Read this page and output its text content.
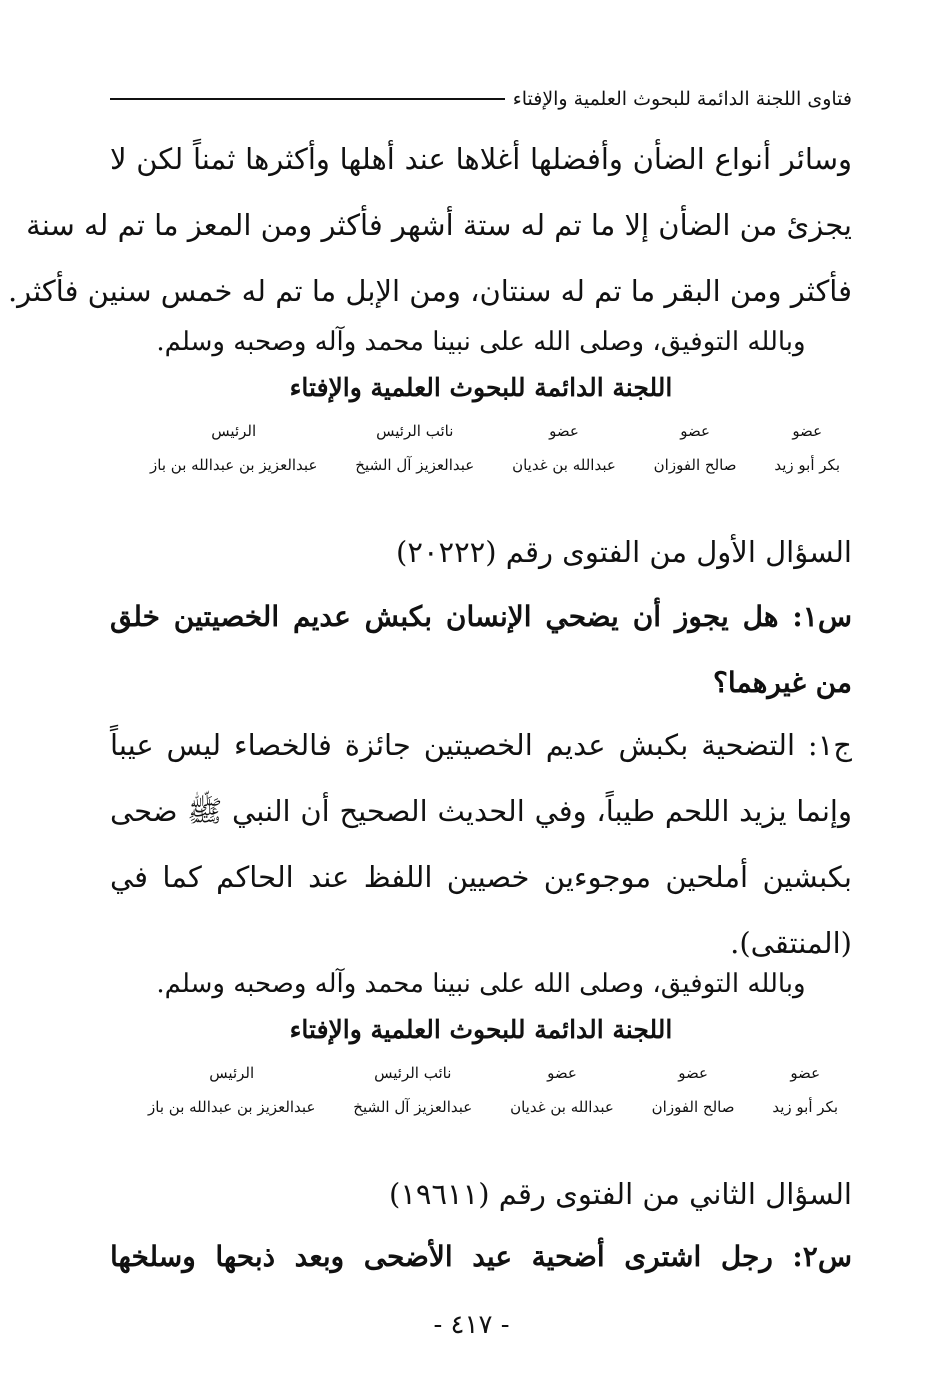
فتاوى اللجنة الدائمة للبحوث العلمية والإفتاء
وسائر أنواع الضأن وأفضلها أغلاها عند أهلها وأكثرها ثمناً لكن لا
يجزئ من الضأن إلا ما تم له ستة أشهر فأكثر ومن المعز ما تم له سنة
فأكثر ومن البقر ما تم له سنتان، ومن الإبل ما تم له خمس سنين فأكثر.
وبالله التوفيق، وصلى الله على نبينا محمد وآله وصحبه وسلم.
اللجنة الدائمة للبحوث العلمية والإفتاء
عضو
بكر أبو زيد
عضو
صالح الفوزان
عضو
عبدالله بن غديان
نائب الرئيس
عبدالعزيز آل الشيخ
الرئيس
عبدالعزيز بن عبدالله بن باز
السؤال الأول من الفتوى رقم (٢٠٢٢٢)
س١: هل يجوز أن يضحي الإنسان بكبش عديم الخصيتين خلق
من غيرهما؟
ج١: التضحية بكبش عديم الخصيتين جائزة فالخصاء ليس عيباً
وإنما يزيد اللحم طيباً، وفي الحديث الصحيح أن النبي ﷺ ضحى
بكبشين أملحين موجوءين خصيين اللفظ عند الحاكم كما في
(المنتقى).
وبالله التوفيق، وصلى الله على نبينا محمد وآله وصحبه وسلم.
اللجنة الدائمة للبحوث العلمية والإفتاء
عضو
بكر أبو زيد
عضو
صالح الفوزان
عضو
عبدالله بن غديان
نائب الرئيس
عبدالعزيز آل الشيخ
الرئيس
عبدالعزيز بن عبدالله بن باز
السؤال الثاني من الفتوى رقم (١٩٦١١)
س٢: رجل اشترى أضحية عيد الأضحى وبعد ذبحها وسلخها
- ٤١٧ -
